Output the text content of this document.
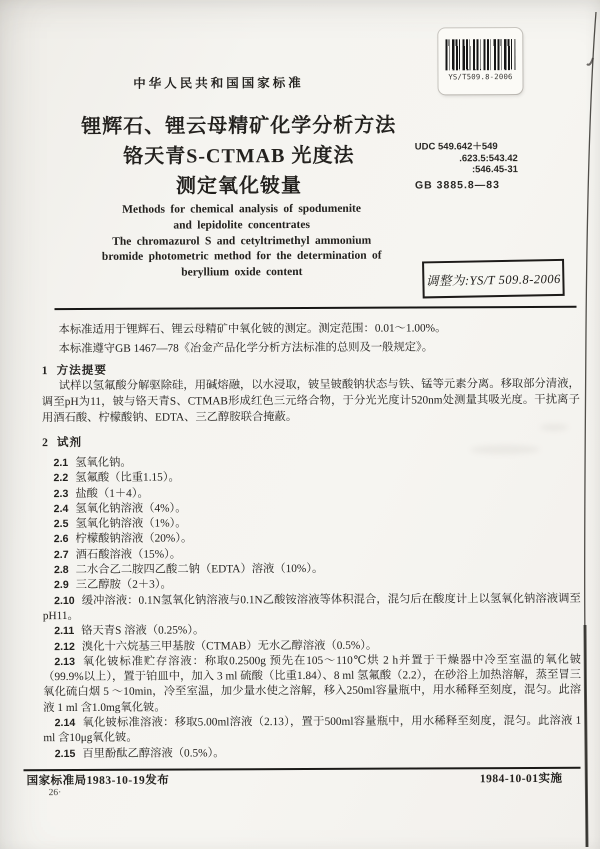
中华人民共和国国家标准	YS/T509.8-2006
锂辉石、锂云母精矿化学分析方法
铬天青S-CTMAB 光度法
测定氧化铍量
UDC 549.642＋549
.623.5:543.42
:546.45-31
GB 3885.8—83
Methods for chemical analysis of spodumenite
and lepidolite concentrates
The chromazurol S and cetyltrimethyl ammonium
bromide photometric method for the determination of
beryllium oxide content	调整为:YS/T 509.8-2006

本标准适用于锂辉石、锂云母精矿中氧化铍的测定。测定范围：0.01～1.00%。

本标准遵守GB 1467—78《冶金产品化学分析方法标准的总则及一般规定》。

1 方法提要
试样以氢氟酸分解驱除硅，用碱熔融，以水浸取，铍呈铍酸钠状态与铁、锰等元素分离。移取部分清液，调至pH为11，铍与铬天青S、CTMAB形成红色三元络合物，于分光光度计520nm处测量其吸光度。干扰离子用酒石酸、柠檬酸钠、EDTA、三乙醇胺联合掩蔽。
2 试剂

2.1 氢氧化钠。

2.2 氢氟酸（比重1.15）。

2.3 盐酸（1＋4）。

2.4 氢氧化钠溶液（4%）。

2.5 氢氧化钠溶液（1%）。

2.6 柠檬酸钠溶液（20%）。

2.7 酒石酸溶液（15%）。

2.8 二水合乙二胺四乙酸二钠（EDTA）溶液（10%）。

2.9 三乙醇胺（2＋3）。

2.10 缓冲溶液：0.1N氢氧化钠溶液与0.1N乙酸铵溶液等体积混合，混匀后在酸度计上以氢氧化钠溶液调至pH11。

2.11 铬天青S 溶液（0.25%）。

2.12 溴化十六烷基三甲基胺（CTMAB）无水乙醇溶液（0.5%）。

2.13 氧化铍标准贮存溶液：称取0.2500g 预先在105～110℃烘 2 h并置于干燥器中冷至室温的氧化铍（99.9%以上），置于铂皿中，加入 3 ml 硫酸（比重1.84）、8 ml 氢氟酸（2.2），在砂浴上加热溶解，蒸至冒三氧化硫白烟 5 ～10min，冷至室温，加少量水使之溶解，移入250ml容量瓶中，用水稀释至刻度，混匀。此溶液 1 ml 含1.0mg氧化铍。

2.14 氧化铍标准溶液：移取5.00ml溶液（2.13），置于500ml容量瓶中，用水稀释至刻度，混匀。此溶液 1 ml 含10μg氧化铍。

2.15 百里酚酞乙醇溶液（0.5%）。

国家标准局1983-10-19发布	1984-10-01实施
26·
